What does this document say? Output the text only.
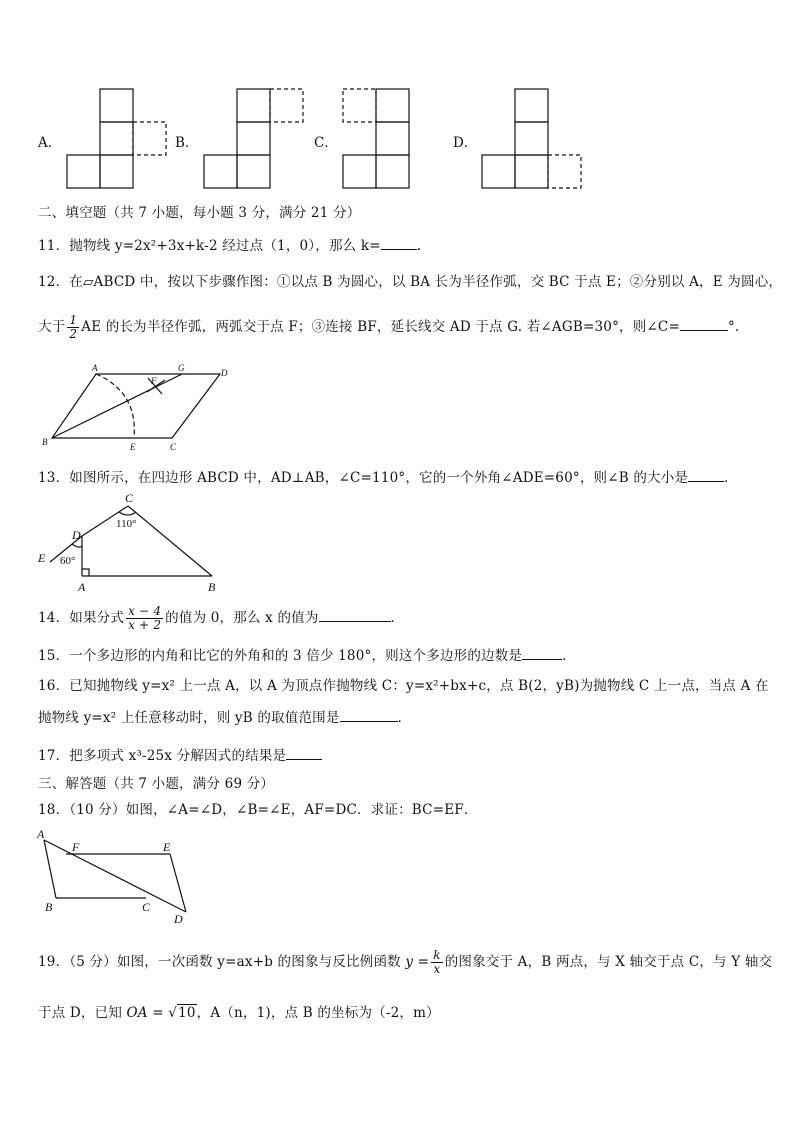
A．	B．	C．	D．
二、填空题（共 7 小题，每小题 3 分，满分 21 分）
11．抛物线 y=2x²+3x+k-2 经过点（1，0），那么 k=	.
12．在▱ABCD 中，按以下步骤作图：①以点 B 为圆心，以 BA 长为半径作弧，交 BC 于点 E；②分别以 A，E 为圆心，
大于 $\frac{1}{2}$ AE 的长为半径作弧，两弧交于点 F；③连接 BF，延长线交 AD 于点 G. 若∠AGB=30°，则∠C=	°.
A	G	D
F
B	E	C
13．如图所示，在四边形 ABCD 中，AD⊥AB，∠C=110°，它的一个外角∠ADE=60°，则∠B 的大小是	．
C
110°
D
E 60°
A	B
14．如果分式 $\frac{x - 4}{x + 2}$ 的值为 0，那么 x 的值为	．
15．一个多边形的内角和比它的外角和的 3 倍少 180°，则这个多边形的边数是	.
16．已知抛物线 y=x² 上一点 A，以 A 为顶点作抛物线 C：y=x²+bx+c，点 B(2，yB)为抛物线 C 上一点，当点 A 在
抛物线 y=x² 上任意移动时，则 yB 的取值范围是	．
17．把多项式 x³-25x 分解因式的结果是
三、解答题（共 7 小题，满分 69 分）
18．（10 分）如图，∠A=∠D，∠B=∠E，AF=DC．求证：BC=EF．
A
F	E
B	C
D
19．（5 分）如图，一次函数 y=ax+b 的图象与反比例函数 $y = \frac{k}{x}$ 的图象交于 A，B 两点，与 X 轴交于点 C，与 Y 轴交
于点 D，已知 OA = √10，A（n，1)，点 B 的坐标为（-2，m）
